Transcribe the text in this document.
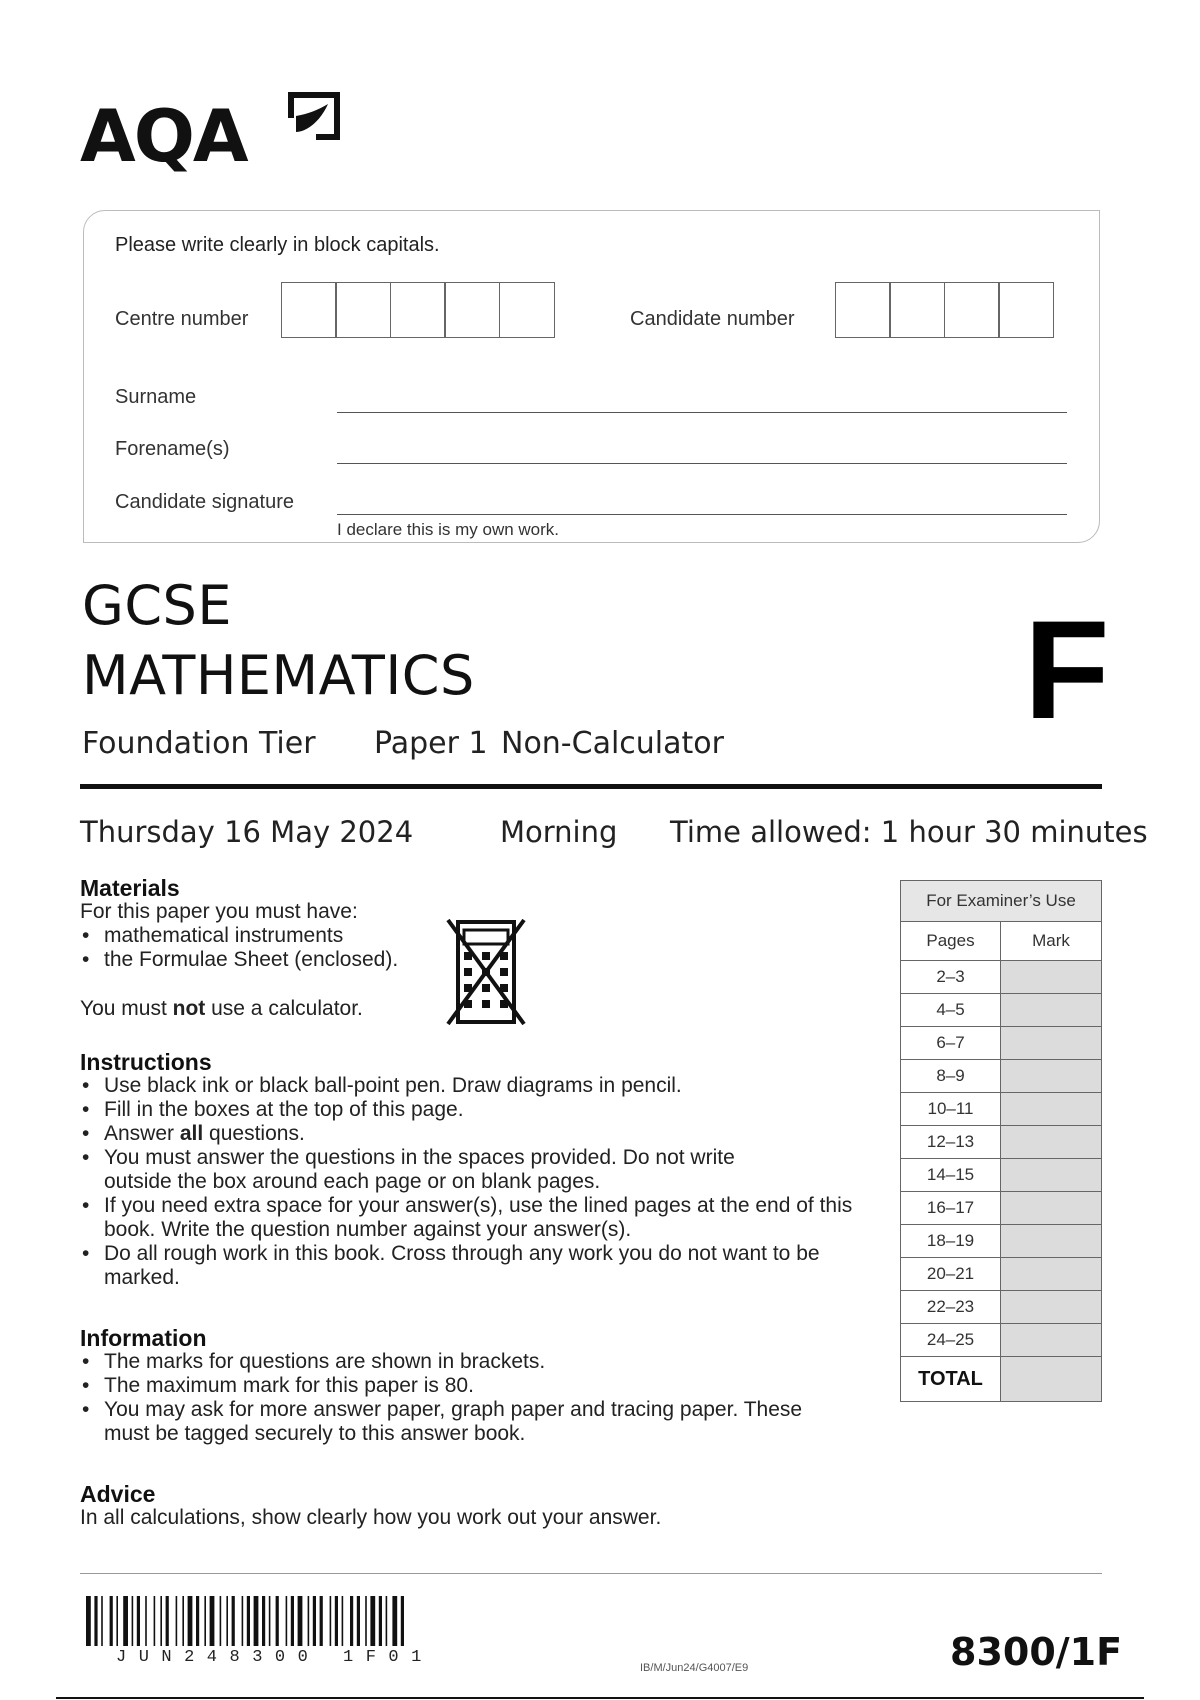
AQA
Please write clearly in block capitals.
Centre number	Candidate number
Surname
Forename(s)
Candidate signature
I declare this is my own work.
GCSE
MATHEMATICS	F
Foundation Tier Paper 1 Non-Calculator
Thursday 16 May 2024	Morning Time allowed: 1 hour 30 minutes
Materials

For this paper you must have:

• mathematical instruments
• the Formulae Sheet (enclosed).

You must not use a calculator.

Instructions
• Use black ink or black ball-point pen. Draw diagrams in pencil.
• Fill in the boxes at the top of this page.
• Answer all questions.
• You must answer the questions in the spaces provided. Do not write outside the box around each page or on blank pages.
• If you need extra space for your answer(s), use the lined pages at the end of this book. Write the question number against your answer(s).
• Do all rough work in this book. Cross through any work you do not want to be marked.
Information
• The marks for questions are shown in brackets.
• The maximum mark for this paper is 80.
• You may ask for more answer paper, graph paper and tracing paper. These must be tagged securely to this answer book.
Advice

In all calculations, show clearly how you work out your answer.

For Examiner’s Use	
Pages	Mark
2–3	
4–5	
6–7	
8–9	
10–11	
12–13	
14–15	
16–17	
18–19	
20–21	
22–23	
24–25	
TOTAL	
JUN248300 1F01
IB/M/Jun24/G4007/E9	8300/1F
